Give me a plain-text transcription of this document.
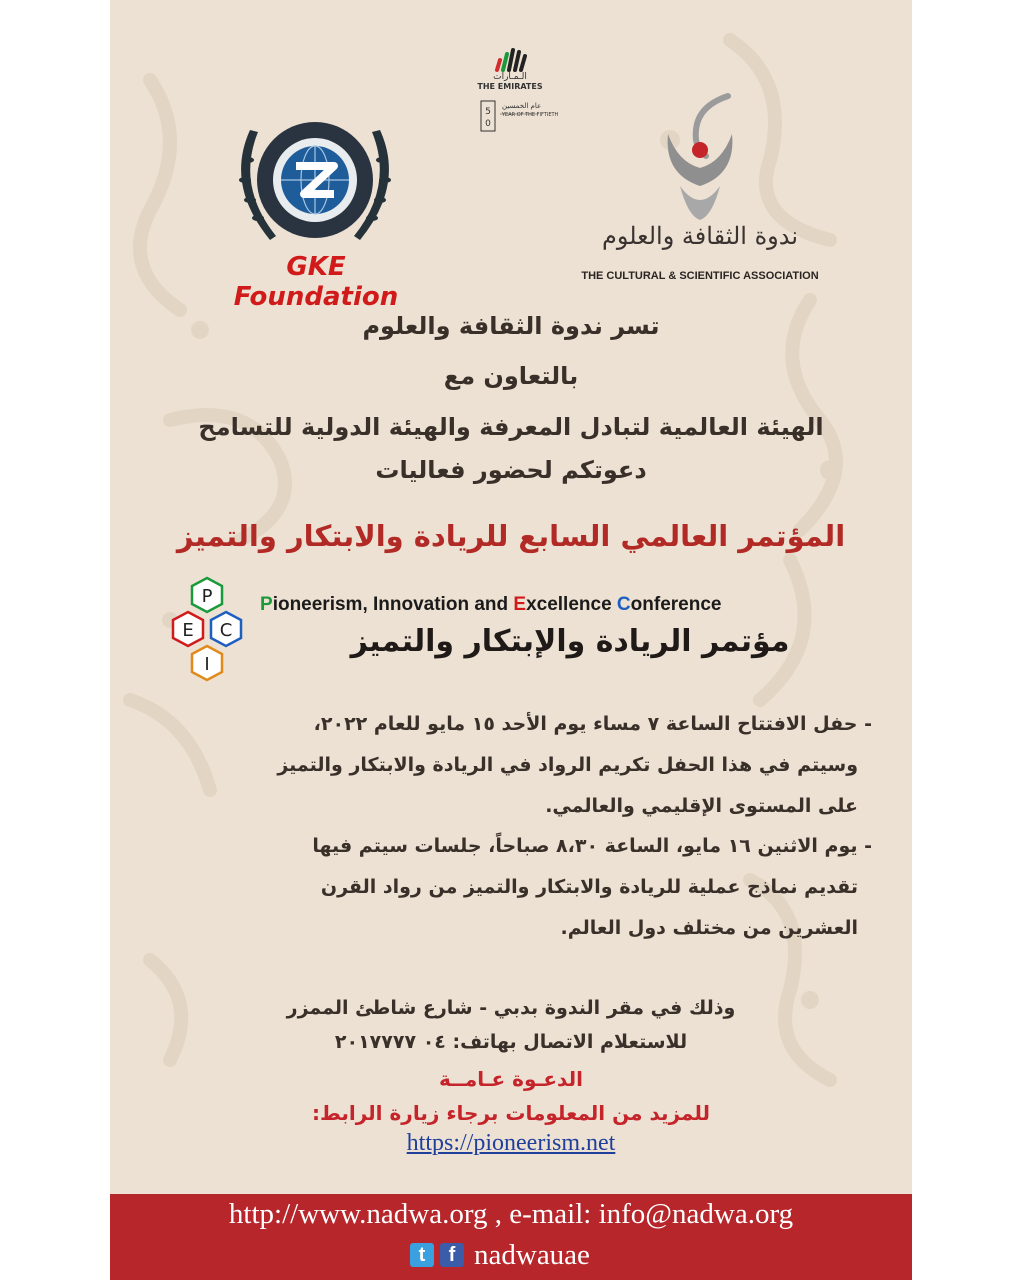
GKE Foundation
الـمـارات
THE EMIRATES
5
0
عام الخمسين
YEAR OF THE FIFTIETH
ندوة الثقافة والعلوم
THE CULTURAL & SCIENTIFIC ASSOCIATION
تسر ندوة الثقافة والعلوم
بالتعاون مع
الهيئة العالمية لتبادل المعرفة والهيئة الدولية للتسامح
دعوتكم لحضور فعاليات
المؤتمر العالمي السابع للريادة والابتكار والتميز
P
E C
I
Pioneerism, Innovation and Excellence Conference
مؤتمر الريادة والإبتكار والتميز
- حفل الافتتاح الساعة ٧ مساء يوم الأحد ١٥ مايو للعام ٢٠٢٢،
وسيتم في هذا الحفل تكريم الرواد في الريادة والابتكار والتميز
على المستوى الإقليمي والعالمي.
- يوم الاثنين ١٦ مايو، الساعة ٨،٣٠ صباحاً، جلسات سيتم فيها
تقديم نماذج عملية للريادة والابتكار والتميز من رواد القرن
العشرين من مختلف دول العالم.
وذلك في مقر الندوة بدبي - شارع شاطئ الممزر
للاستعلام الاتصال بهاتف: ٠٤ ٢٠١٧٧٧٧
الدعـوة عـامــة
للمزيد من المعلومات برجاء زيارة الرابط:
https://pioneerism.net
http://www.nadwa.org , e-mail: info@nadwa.org
t	f nadwauae
